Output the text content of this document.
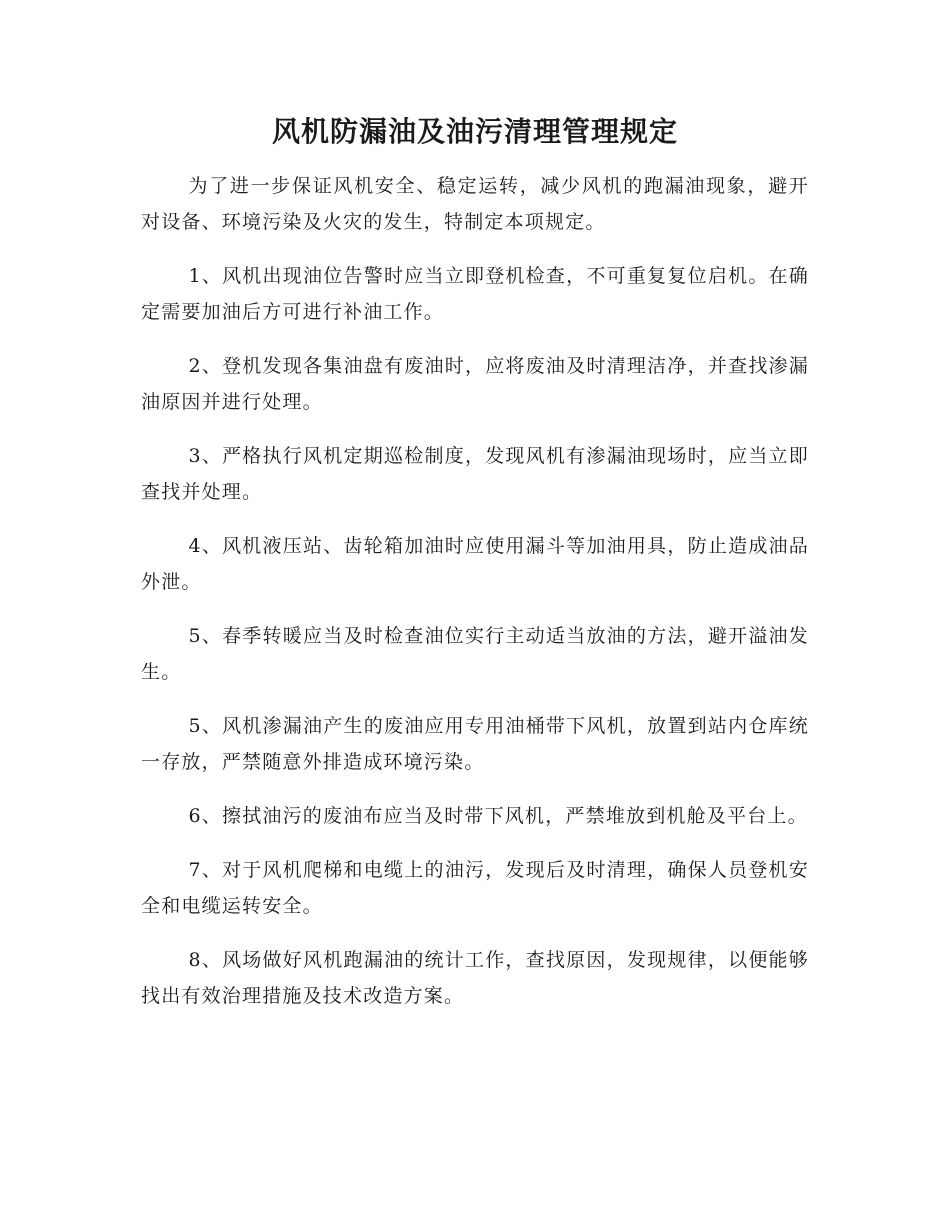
风机防漏油及油污清理管理规定

为了进一步保证风机安全、稳定运转，减少风机的跑漏油现象，避开对设备、环境污染及火灾的发生，特制定本项规定。

1、风机出现油位告警时应当立即登机检查，不可重复复位启机。在确定需要加油后方可进行补油工作。

2、登机发现各集油盘有废油时，应将废油及时清理洁净，并查找渗漏油原因并进行处理。

3、严格执行风机定期巡检制度，发现风机有渗漏油现场时，应当立即查找并处理。

4、风机液压站、齿轮箱加油时应使用漏斗等加油用具，防止造成油品外泄。

5、春季转暖应当及时检查油位实行主动适当放油的方法，避开溢油发生。

5、风机渗漏油产生的废油应用专用油桶带下风机，放置到站内仓库统一存放，严禁随意外排造成环境污染。

6、擦拭油污的废油布应当及时带下风机，严禁堆放到机舱及平台上。

7、对于风机爬梯和电缆上的油污，发现后及时清理，确保人员登机安全和电缆运转安全。

8、风场做好风机跑漏油的统计工作，查找原因，发现规律，以便能够找出有效治理措施及技术改造方案。
